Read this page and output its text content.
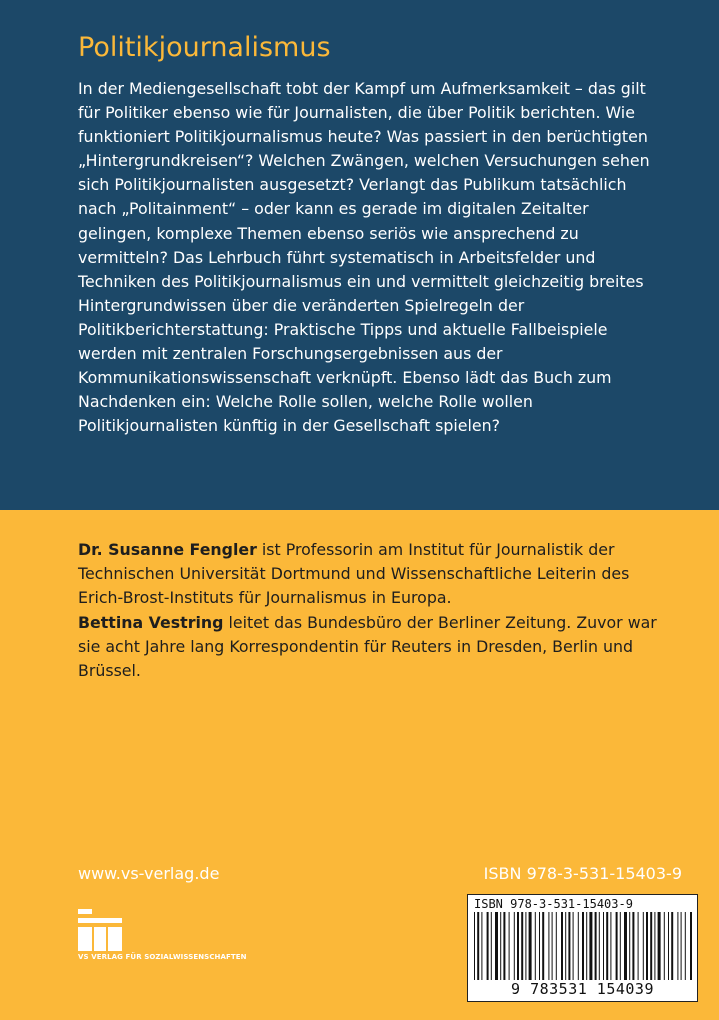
Politikjournalismus

In der Mediengesellschaft tobt der Kampf um Aufmerksamkeit – das gilt für Politiker ebenso wie für Journalisten, die über Politik berichten. Wie funktioniert Politikjournalismus heute? Was passiert in den berüchtigten „Hintergrundkreisen“? Welchen Zwängen, welchen Versuchungen sehen sich Politikjournalisten ausgesetzt? Verlangt das Publikum tatsächlich nach „Politainment“ – oder kann es gerade im digitalen Zeitalter gelingen, komplexe Themen ebenso seriös wie ansprechend zu vermitteln? Das Lehrbuch führt systematisch in Arbeitsfelder und Techniken des Politikjournalismus ein und vermittelt gleichzeitig breites Hintergrundwissen über die veränderten Spielregeln der Politikberichterstattung: Praktische Tipps und aktuelle Fallbeispiele werden mit zentralen Forschungsergebnissen aus der Kommunikationswissenschaft verknüpft. Ebenso lädt das Buch zum Nachdenken ein: Welche Rolle sollen, welche Rolle wollen Politikjournalisten künftig in der Gesellschaft spielen?

Dr. Susanne Fengler ist Professorin am Institut für Journalistik der Technischen Universität Dortmund und Wissenschaftliche Leiterin des Erich-Brost-Instituts für Journalismus in Europa.

Bettina Vestring leitet das Bundesbüro der Berliner Zeitung. Zuvor war sie acht Jahre lang Korrespondentin für Reuters in Dresden, Berlin und Brüssel.

www.vs-verlag.de	ISBN 978-3-531-15403-9
VS VERLAG FÜR SOZIALWISSENSCHAFTEN
ISBN 978-3-531-15403-9
9 783531 154039
